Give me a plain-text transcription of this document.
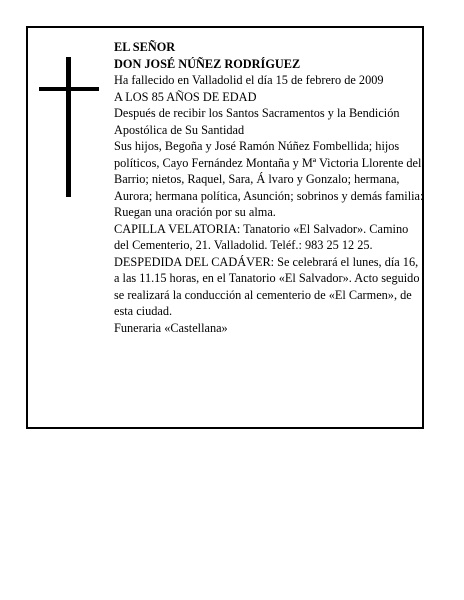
EL SEÑOR

DON JOSÉ NÚÑEZ RODRÍGUEZ

Ha fallecido en Valladolid el día 15 de febrero de 2009

A LOS 85 AÑOS DE EDAD

Después de recibir los Santos Sacramentos y la Bendición Apostólica de Su Santidad

Sus hijos, Begoña y José Ramón Núñez Fombellida; hijos políticos, Cayo Fernández Montaña y Mª Victoria Llorente del Barrio; nietos, Raquel, Sara, Á lvaro y Gonzalo; hermana, Aurora; hermana política, Asunción; sobrinos y demás familia:

Ruegan una oración por su alma.

CAPILLA VELATORIA: Tanatorio «El Salvador». Camino del Cementerio, 21. Valladolid. Teléf.: 983 25 12 25.

DESPEDIDA DEL CADÁVER: Se celebrará el lunes, día 16, a las 11.15 horas, en el Tanatorio «El Salvador». Acto seguido se realizará la conducción al cementerio de «El Carmen», de esta ciudad.

Funeraria «Castellana»
